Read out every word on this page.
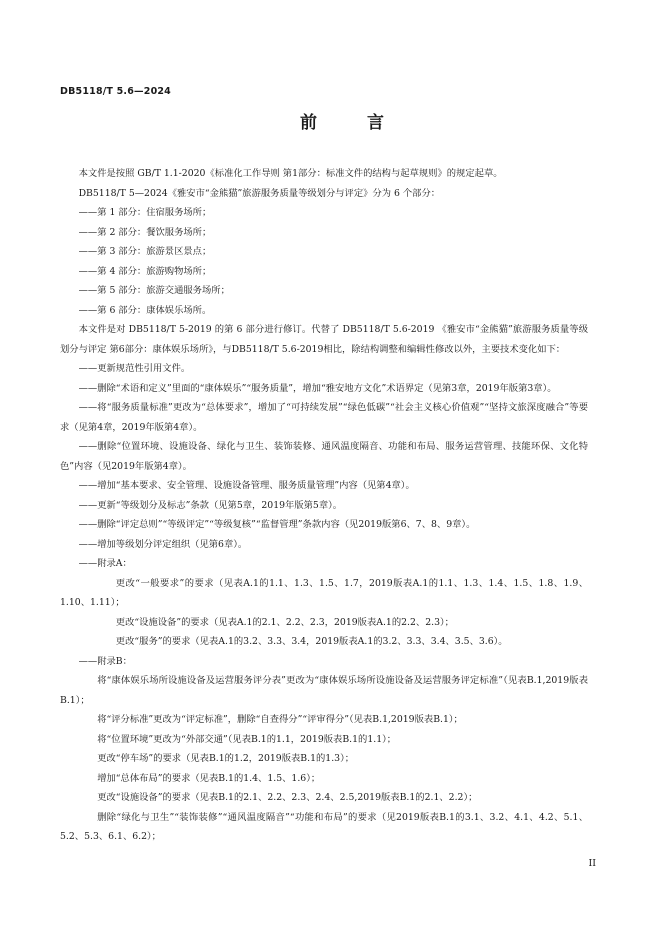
DB5118/T 5.6—2024
前 言

本文件是按照 GB/T 1.1-2020《标准化工作导则 第1部分：标准文件的结构与起草规则》的规定起草。

DB5118/T 5—2024《雅安市“金熊猫”旅游服务质量等级划分与评定》分为 6 个部分：

——第 1 部分：住宿服务场所；

——第 2 部分：餐饮服务场所；

——第 3 部分：旅游景区景点；

——第 4 部分：旅游购物场所；

——第 5 部分：旅游交通服务场所；

——第 6 部分：康体娱乐场所。

本文件是对 DB5118/T 5-2019 的第 6 部分进行修订。代替了 DB5118/T 5.6-2019 《雅安市“金熊猫”旅游服务质量等级划分与评定 第6部分：康体娱乐场所》，与DB5118/T 5.6-2019相比，除结构调整和编辑性修改以外，主要技术变化如下：

——更新规范性引用文件。

——删除“术语和定义”里面的“康体娱乐”“服务质量”，增加“雅安地方文化”术语界定（见第3章，2019年版第3章）。

——将“服务质量标准”更改为“总体要求”，增加了“可持续发展”“绿色低碳”“社会主义核心价值观”“坚持文旅深度融合”等要求（见第4章，2019年版第4章）。

——删除“位置环境、设施设备、绿化与卫生、装饰装修、通风温度隔音、功能和布局、服务运营管理、技能环保、文化特色”内容（见2019年版第4章）。

——增加“基本要求、安全管理、设施设备管理、服务质量管理”内容（见第4章）。

——更新“等级划分及标志”条款（见第5章，2019年版第5章）。

——删除“评定总则”“等级评定”“等级复核”“监督管理”条款内容（见2019版第6、7、8、9章）。

——增加等级划分评定组织（见第6章）。

——附录A：

更改“一般要求”的要求（见表A.1的1.1、1.3、1.5、1.7，2019版表A.1的1.1、1.3、1.4、1.5、1.8、1.9、1.10、1.11）；

更改“设施设备”的要求（见表A.1的2.1、2.2、2.3，2019版表A.1的2.2、2.3）；

更改“服务”的要求（见表A.1的3.2、3.3、3.4，2019版表A.1的3.2、3.3、3.4、3.5、3.6）。

——附录B：

将“康体娱乐场所设施设备及运营服务评分表”更改为“康体娱乐场所设施设备及运营服务评定标准”（见表B.1,2019版表B.1）；

将“评分标准”更改为“评定标准”，删除“自查得分”“评审得分”（见表B.1,2019版表B.1）；

将“位置环境”更改为“外部交通”（见表B.1的1.1，2019版表B.1的1.1）；

更改“停车场”的要求（见表B.1的1.2，2019版表B.1的1.3）；

增加“总体布局”的要求（见表B.1的1.4、1.5、1.6）；

更改“设施设备”的要求（见表B.1的2.1、2.2、2.3、2.4、2.5,2019版表B.1的2.1、2.2）；

删除“绿化与卫生”“装饰装修”“通风温度隔音”“功能和布局”的要求（见2019版表B.1的3.1、3.2、4.1、4.2、5.1、5.2、5.3、6.1、6.2）；

II
